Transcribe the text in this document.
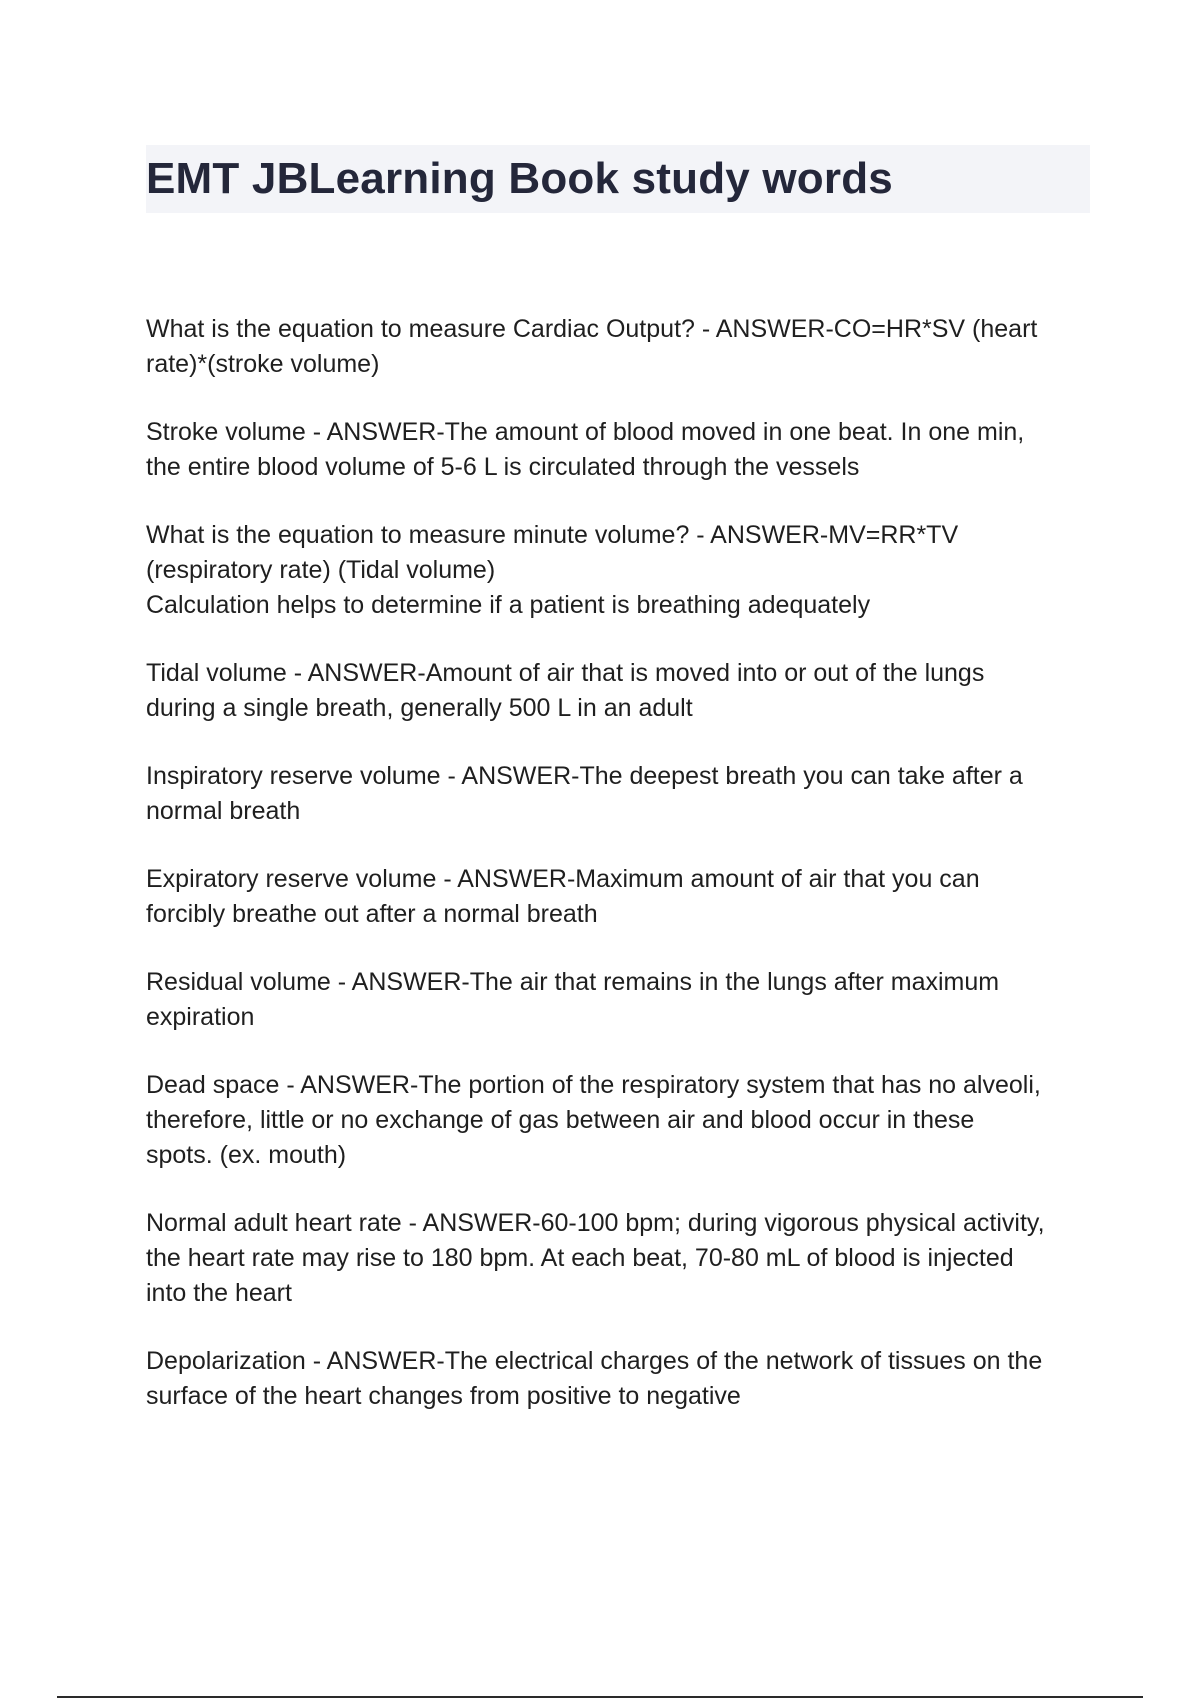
EMT JBLearning Book study words
What is the equation to measure Cardiac Output? - ANSWER-CO=HR*SV (heart
rate)*(stroke volume)
Stroke volume - ANSWER-The amount of blood moved in one beat. In one min,
the entire blood volume of 5-6 L is circulated through the vessels
What is the equation to measure minute volume? - ANSWER-MV=RR*TV
(respiratory rate) (Tidal volume)
Calculation helps to determine if a patient is breathing adequately
Tidal volume - ANSWER-Amount of air that is moved into or out of the lungs
during a single breath, generally 500 L in an adult
Inspiratory reserve volume - ANSWER-The deepest breath you can take after a
normal breath
Expiratory reserve volume - ANSWER-Maximum amount of air that you can
forcibly breathe out after a normal breath
Residual volume - ANSWER-The air that remains in the lungs after maximum
expiration
Dead space - ANSWER-The portion of the respiratory system that has no alveoli,
therefore, little or no exchange of gas between air and blood occur in these
spots. (ex. mouth)
Normal adult heart rate - ANSWER-60-100 bpm; during vigorous physical activity,
the heart rate may rise to 180 bpm. At each beat, 70-80 mL of blood is injected
into the heart
Depolarization - ANSWER-The electrical charges of the network of tissues on the
surface of the heart changes from positive to negative
